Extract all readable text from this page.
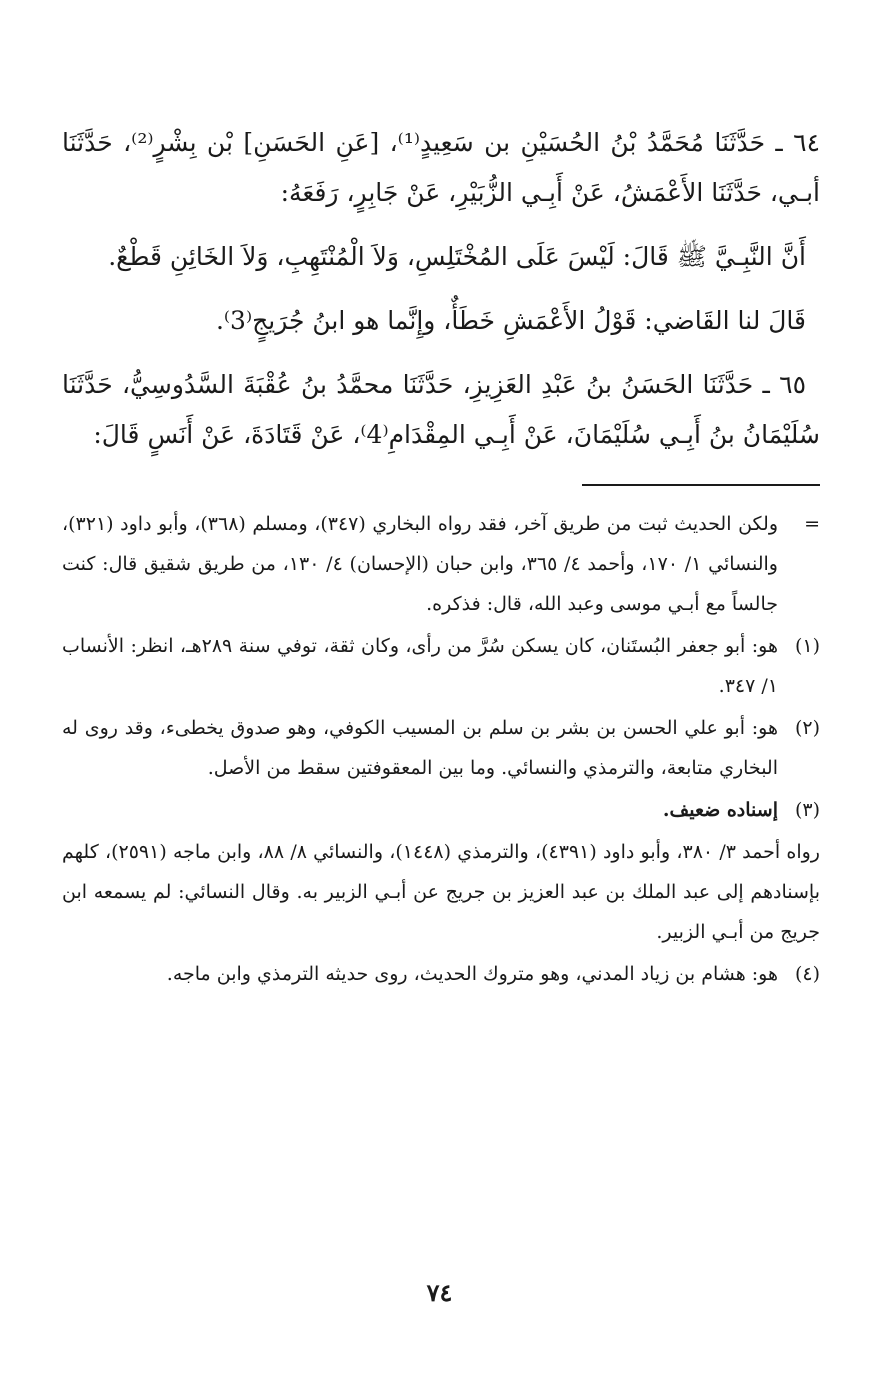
٦٤ ـ حَدَّثَنَا مُحَمَّدُ بْنُ الحُسَيْنِ بن سَعِيدٍ⁽¹⁾، [عَنِ الحَسَنِ] بْن بِشْرٍ⁽²⁾، حَدَّثَنَا أبـي، حَدَّثَنَا الأَعْمَشُ، عَنْ أَبِـي الزُّبَيْرِ، عَنْ جَابِرٍ، رَفَعَهُ:

أَنَّ النَّبِـيَّ ﷺ قَالَ: لَيْسَ عَلَى المُخْتَلِسِ، وَلاَ الْمُنْتَهِبِ، وَلاَ الخَائِنِ قَطْعٌ.

قَالَ لنا القَاضي: قَوْلُ الأَعْمَشِ خَطَأٌ، وإِنَّما هو ابنُ جُرَيجٍ⁽3⁾.

٦٥ ـ حَدَّثَنَا الحَسَنُ بنُ عَبْدِ العَزِيزِ، حَدَّثَنَا محمَّدُ بنُ عُقْبَةَ السَّدُوسِيُّ، حَدَّثَنَا سُلَيْمَانُ بنُ أَبِـي سُلَيْمَانَ، عَنْ أَبِـي المِقْدَامِ⁽4⁾، عَنْ قَتَادَةَ، عَنْ أَنَسٍ قَالَ:

=
ولكن الحديث ثبت من طريق آخر، فقد رواه البخاري (٣٤٧)، ومسلم (٣٦٨)، وأبو داود (٣٢١)، والنسائي ١/ ١٧٠، وأحمد ٤/ ٣٦٥، وابن حبان (الإحسان) ٤/ ١٣٠، من طريق شقيق قال: كنت جالساً مع أبـي موسى وعبد الله، قال: فذكره.
(١)
هو: أبو جعفر البُستَنان، كان يسكن سُرَّ من رأى، وكان ثقة، توفي سنة ٢٨٩هـ، انظر: الأنساب ١/ ٣٤٧.
(٢)
هو: أبو علي الحسن بن بشر بن سلم بن المسيب الكوفي، وهو صدوق يخطىء، وقد روى له البخاري متابعة، والترمذي والنسائي. وما بين المعقوفتين سقط من الأصل.
(٣)
إسناده ضعيف.

رواه أحمد ٣/ ٣٨٠، وأبو داود (٤٣٩١)، والترمذي (١٤٤٨)، والنسائي ٨/ ٨٨، وابن ماجه (٢٥٩١)، كلهم بإسنادهم إلى عبد الملك بن عبد العزيز بن جريج عن أبـي الزبير به. وقال النسائي: لم يسمعه ابن جريج من أبـي الزبير.

(٤)
هو: هشام بن زياد المدني، وهو متروك الحديث، روى حديثه الترمذي وابن ماجه.
٧٤
